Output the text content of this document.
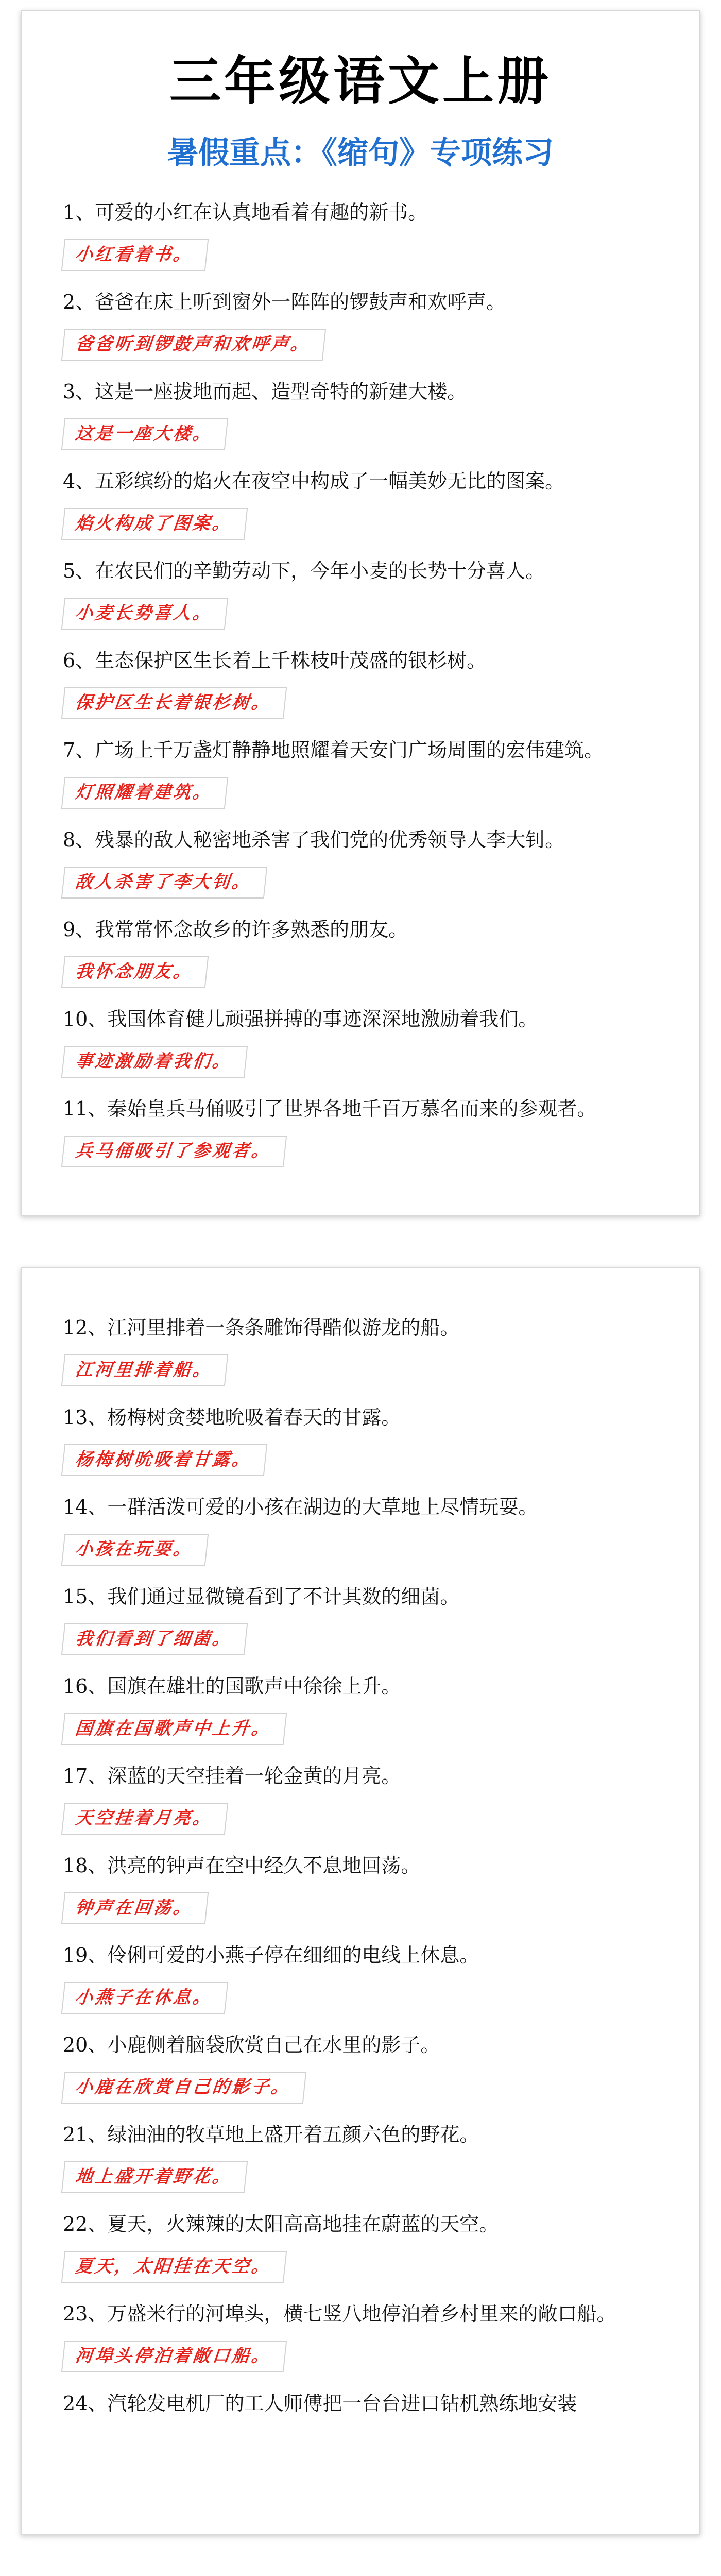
三年级语文上册
暑假重点：《缩句》专项练习
1、可爱的小红在认真地看着有趣的新书。
小红看着书。
2、爸爸在床上听到窗外一阵阵的锣鼓声和欢呼声。
爸爸听到锣鼓声和欢呼声。
3、这是一座拔地而起、造型奇特的新建大楼。
这是一座大楼。
4、五彩缤纷的焰火在夜空中构成了一幅美妙无比的图案。
焰火构成了图案。
5、在农民们的辛勤劳动下，今年小麦的长势十分喜人。
小麦长势喜人。
6、生态保护区生长着上千株枝叶茂盛的银杉树。
保护区生长着银杉树。
7、广场上千万盏灯静静地照耀着天安门广场周围的宏伟建筑。
灯照耀着建筑。
8、残暴的敌人秘密地杀害了我们党的优秀领导人李大钊。
敌人杀害了李大钊。
9、我常常怀念故乡的许多熟悉的朋友。
我怀念朋友。
10、我国体育健儿顽强拼搏的事迹深深地激励着我们。
事迹激励着我们。
11、秦始皇兵马俑吸引了世界各地千百万慕名而来的参观者。
兵马俑吸引了参观者。
12、江河里排着一条条雕饰得酷似游龙的船。
江河里排着船。
13、杨梅树贪婪地吮吸着春天的甘露。
杨梅树吮吸着甘露。
14、一群活泼可爱的小孩在湖边的大草地上尽情玩耍。
小孩在玩耍。
15、我们通过显微镜看到了不计其数的细菌。
我们看到了细菌。
16、国旗在雄壮的国歌声中徐徐上升。
国旗在国歌声中上升。
17、深蓝的天空挂着一轮金黄的月亮。
天空挂着月亮。
18、洪亮的钟声在空中经久不息地回荡。
钟声在回荡。
19、伶俐可爱的小燕子停在细细的电线上休息。
小燕子在休息。
20、小鹿侧着脑袋欣赏自己在水里的影子。
小鹿在欣赏自己的影子。
21、绿油油的牧草地上盛开着五颜六色的野花。
地上盛开着野花。
22、夏天，火辣辣的太阳高高地挂在蔚蓝的天空。
夏天，太阳挂在天空。
23、万盛米行的河埠头，横七竖八地停泊着乡村里来的敞口船。
河埠头停泊着敞口船。
24、汽轮发电机厂的工人师傅把一台台进口钻机熟练地安装
